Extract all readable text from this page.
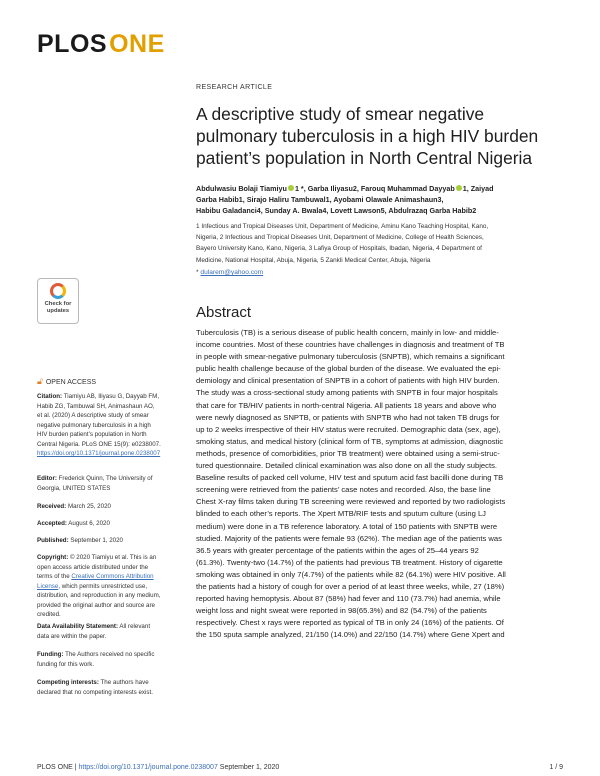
PLOSONE
RESEARCH ARTICLE
A descriptive study of smear negative pulmonary tuberculosis in a high HIV burden patient’s population in North Central Nigeria
Abdulwasiu Bolaji Tiamiyu 1 *, Garba Iliyasu2, Farouq Muhammad Dayyab 1, Zaiyad
Garba Habib1, Sirajo Haliru Tambuwal1, Ayobami Olawale Animashaun3,
Habibu Galadanci4, Sunday A. Bwala4, Lovett Lawson5, Abdulrazaq Garba Habib2
1 Infectious and Tropical Diseases Unit, Department of Medicine, Aminu Kano Teaching Hospital, Kano,
Nigeria, 2 Infectious and Tropical Diseases Unit, Department of Medicine, College of Health Sciences,
Bayero University Kano, Kano, Nigeria, 3 Lafiya Group of Hospitals, Ibadan, Nigeria, 4 Department of
Medicine, National Hospital, Abuja, Nigeria, 5 Zankli Medical Center, Abuja, Nigeria
* dularem@yahoo.com
Abstract
Tuberculosis (TB) is a serious disease of public health concern, mainly in low- and middle-
income countries. Most of these countries have challenges in diagnosis and treatment of TB
in people with smear-negative pulmonary tuberculosis (SNPTB), which remains a significant
public health challenge because of the global burden of the disease. We evaluated the epi-
demiology and clinical presentation of SNPTB in a cohort of patients with high HIV burden.
The study was a cross-sectional study among patients with SNPTB in four major hospitals
that care for TB/HIV patients in north-central Nigeria. All patients 18 years and above who
were newly diagnosed as SNPTB, or patients with SNPTB who had not taken TB drugs for
up to 2 weeks irrespective of their HIV status were recruited. Demographic data (sex, age),
smoking status, and medical history (clinical form of TB, symptoms at admission, diagnostic
methods, presence of comorbidities, prior TB treatment) were obtained using a semi-struc-
tured questionnaire. Detailed clinical examination was also done on all the study subjects.
Baseline results of packed cell volume, HIV test and sputum acid fast bacilli done during TB
screening were retrieved from the patients’ case notes and recorded. Also, the base line
Chest X-ray films taken during TB screening were reviewed and reported by two radiologists
blinded to each other’s reports. The Xpert MTB/RIF tests and sputum culture (using LJ
medium) were done in a TB reference laboratory. A total of 150 patients with SNPTB were
studied. Majority of the patients were female 93 (62%). The median age of the patients was
36.5 years with greater percentage of the patients within the ages of 25–44 years 92
(61.3%). Twenty-two (14.7%) of the patients had previous TB treatment. History of cigarette
smoking was obtained in only 7(4.7%) of the patients while 82 (64.1%) were HIV positive. All
the patients had a history of cough for over a period of at least three weeks, while, 27 (18%)
reported having hemoptysis. About 87 (58%) had fever and 110 (73.7%) had anemia, while
weight loss and night sweat were reported in 98(65.3%) and 82 (54.7%) of the patients
respectively. Chest x rays were reported as typical of TB in only 24 (16%) of the patients. Of
the 150 sputa sample analyzed, 21/150 (14.0%) and 22/150 (14.7%) where Gene Xpert and
Check for
updates
🔓︎ OPEN ACCESS
Citation: Tiamiyu AB, Iliyasu G, Dayyab FM, Habib ZG, Tambuwal SH, Animashaun AO, et al. (2020) A descriptive study of smear negative pulmonary tuberculosis in a high HIV burden patient’s population in North Central Nigeria. PLoS ONE 15(9): e0238007. https://doi.org/10.1371/journal.pone.0238007
Editor: Frederick Quinn, The University of Georgia, UNITED STATES
Received: March 25, 2020
Accepted: August 6, 2020
Published: September 1, 2020
Copyright: © 2020 Tiamiyu et al. This is an open access article distributed under the terms of the Creative Commons Attribution License, which permits unrestricted use, distribution, and reproduction in any medium, provided the original author and source are credited.
Data Availability Statement: All relevant data are within the paper.
Funding: The Authors received no specific funding for this work.
Competing interests: The authors have declared that no competing interests exist.
PLOS ONE | https://doi.org/10.1371/journal.pone.0238007 September 1, 2020	1 / 9
